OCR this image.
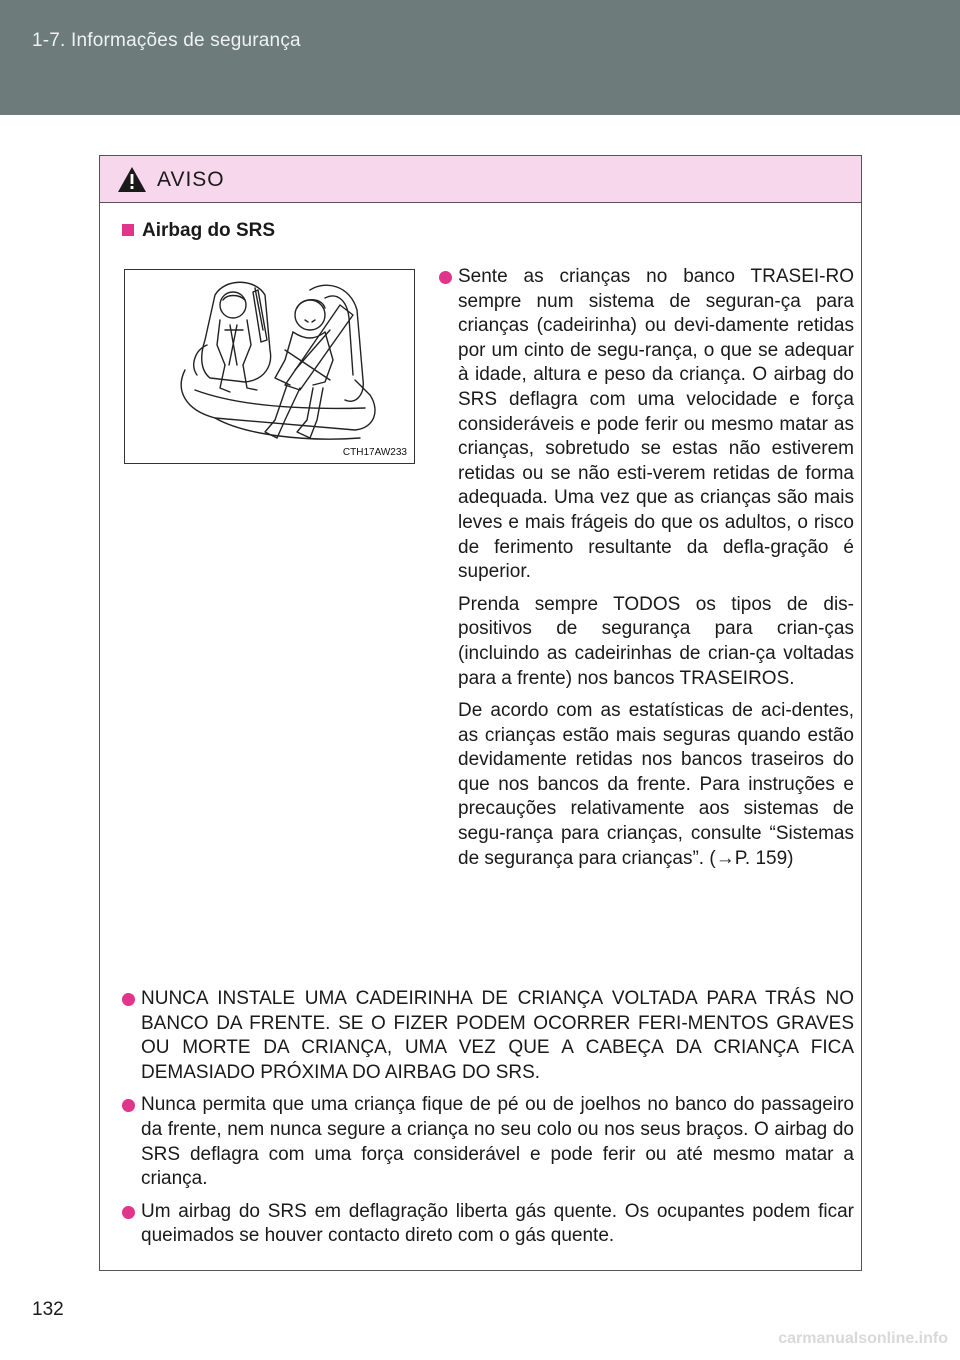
1-7. Informações de segurança
AVISO
Airbag do SRS
CTH17AW233

Sente as crianças no banco TRASEI-RO sempre num sistema de seguran-ça para crianças (cadeirinha) ou devi-damente retidas por um cinto de segu-rança, o que se adequar à idade, altura e peso da criança. O airbag do SRS deflagra com uma velocidade e força consideráveis e pode ferir ou mesmo matar as crianças, sobretudo se estas não estiverem retidas ou se não esti-verem retidas de forma adequada. Uma vez que as crianças são mais leves e mais frágeis do que os adultos, o risco de ferimento resultante da defla-gração é superior.

Prenda sempre TODOS os tipos de dis-positivos de segurança para crian-ças (incluindo as cadeirinhas de crian-ça voltadas para a frente) nos bancos TRASEIROS.

De acordo com as estatísticas de aci-dentes, as crianças estão mais seguras quando estão devidamente retidas nos bancos traseiros do que nos bancos da frente. Para instruções e precauções relativamente aos sistemas de segu-rança para crianças, consulte “Sistemas de segurança para crianças”. (→P. 159)

NUNCA INSTALE UMA CADEIRINHA DE CRIANÇA VOLTADA PARA TRÁS NO BANCO DA FRENTE. SE O FIZER PODEM OCORRER FERI-MENTOS GRAVES OU MORTE DA CRIANÇA, UMA VEZ QUE A CABEÇA DA CRIANÇA FICA DEMASIADO PRÓXIMA DO AIRBAG DO SRS.

Nunca permita que uma criança fique de pé ou de joelhos no banco do passageiro da frente, nem nunca segure a criança no seu colo ou nos seus braços. O airbag do SRS deflagra com uma força considerável e pode ferir ou até mesmo matar a criança.

Um airbag do SRS em deflagração liberta gás quente. Os ocupantes podem ficar queimados se houver contacto direto com o gás quente.

132
carmanualsonline.info
